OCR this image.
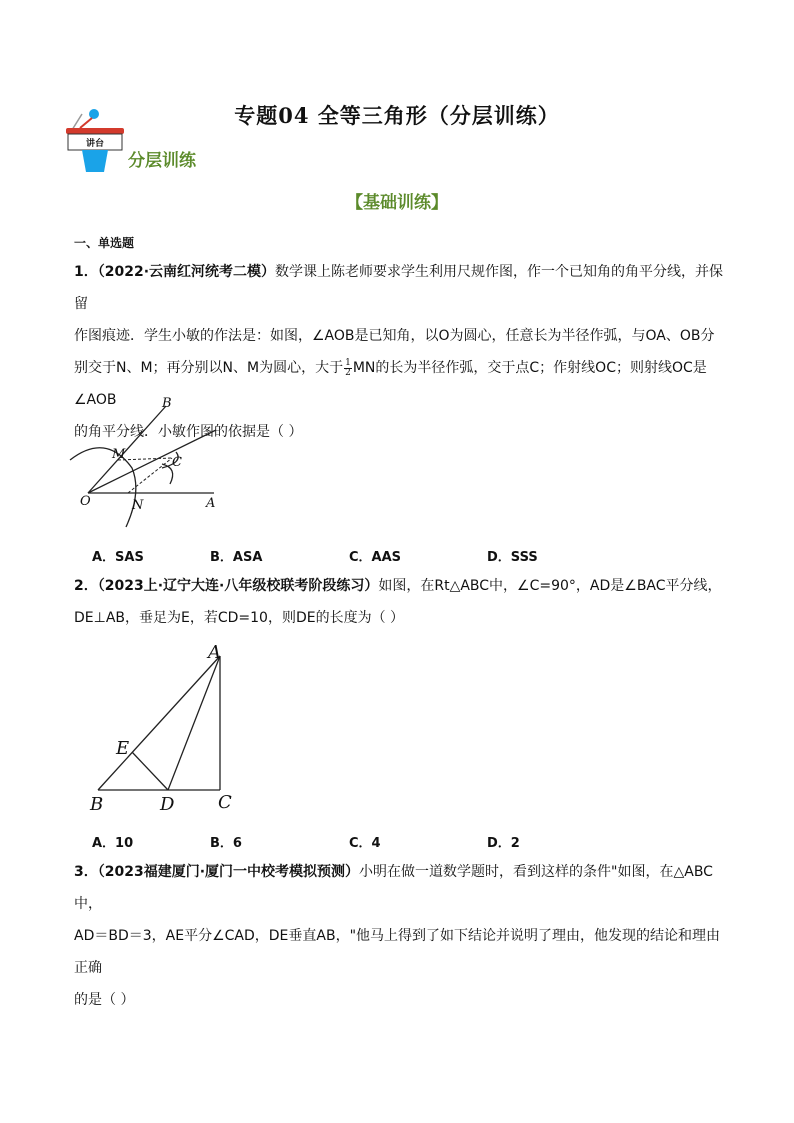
讲台
专题04 全等三角形（分层训练）
分层训练
【基础训练】
一、单选题
1．（2022·云南红河统考二模）数学课上陈老师要求学生利用尺规作图，作一个已知角的角平分线，并保留
作图痕迹．学生小敏的作法是：如图，∠AOB是已知角，以O为圆心，任意长为半径作弧，与OA、OB分
别交于N、M；再分别以N、M为圆心，大于 $\frac{1}{2}$ MN的长为半径作弧，交于点C；作射线OC；则射线OC是∠AOB
的角平分线．小敏作图的依据是（ ）
B
M
C
O	N	A
A．SAS	B．ASA	C．AAS	D．SSS
2．（2023上·辽宁大连·八年级校联考阶段练习）如图，在Rt△ABC中，∠C=90°，AD是∠BAC平分线，
DE⊥AB，垂足为E，若CD=10，则DE的长度为（ ）
A
E
B	D C
A．10	B．6	C．4	D．2
3．（2023福建厦门·厦门一中校考模拟预测）小明在做一道数学题时，看到这样的条件"如图，在△ABC中，
AD＝BD＝3，AE平分∠CAD，DE垂直AB，"他马上得到了如下结论并说明了理由，他发现的结论和理由正确
的是（ ）
